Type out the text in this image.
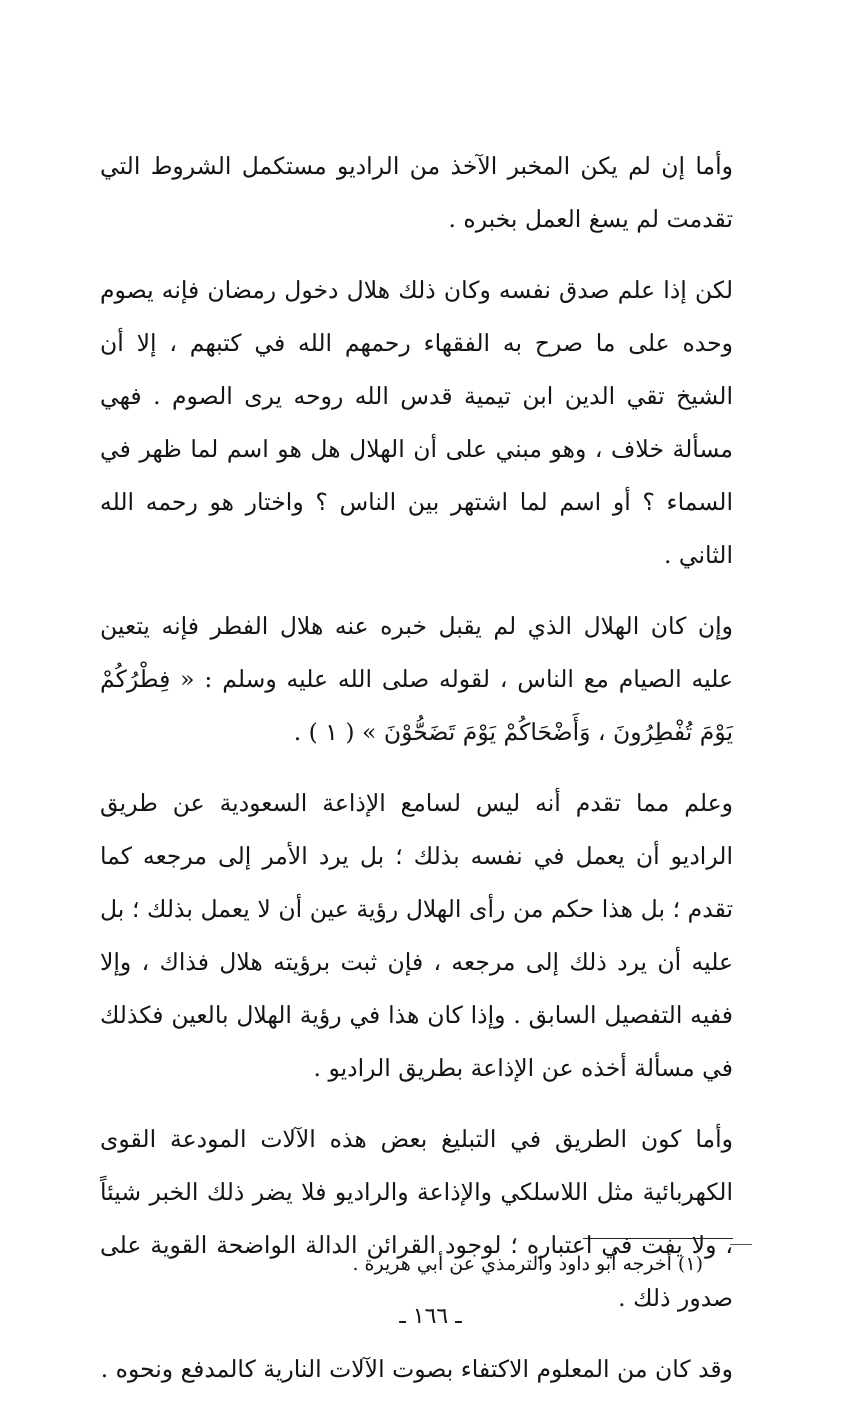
وأما إن لم يكن المخبر الآخذ من الراديو مستكمل الشروط التي تقدمت لم يسغ العمل بخبره .

لكن إذا علم صدق نفسه وكان ذلك هلال دخول رمضان فإنه يصوم وحده على ما صرح به الفقهاء رحمهم الله في كتبهم ، إلا أن الشيخ تقي الدين ابن تيمية قدس الله روحه يرى الصوم . فهي مسألة خلاف ، وهو مبني على أن الهلال هل هو اسم لما ظهر في السماء ؟ أو اسم لما اشتهر بين الناس ؟ واختار هو رحمه الله الثاني .

وإن كان الهلال الذي لم يقبل خبره عنه هلال الفطر فإنه يتعين عليه الصيام مع الناس ، لقوله صلى الله عليه وسلم : « فِطْرُكُمْ يَوْمَ تُفْطِرُونَ ، وَأَضْحَاكُمْ يَوْمَ تَضَحُّوْنَ » ( ١ ) .

وعلم مما تقدم أنه ليس لسامع الإذاعة السعودية عن طريق الراديو أن يعمل في نفسه بذلك ؛ بل يرد الأمر إلى مرجعه كما تقدم ؛ بل هذا حكم من رأى الهلال رؤية عين أن لا يعمل بذلك ؛ بل عليه أن يرد ذلك إلى مرجعه ، فإن ثبت برؤيته هلال فذاك ، وإلا ففيه التفصيل السابق . وإذا كان هذا في رؤية الهلال بالعين فكذلك في مسألة أخذه عن الإذاعة بطريق الراديو .

وأما كون الطريق في التبليغ بعض هذه الآلات المودعة القوى الكهربائية مثل اللاسلكي والإذاعة والراديو فلا يضر ذلك الخبر شيئاً ، ولا يفت في اعتباره ؛ لوجود القرائن الدالة الواضحة القوية على صدور ذلك .

وقد كان من المعلوم الاكتفاء بصوت الآلات النارية كالمدفع ونحوه .

(١) أخرجه أبو داود والترمذي عن أبي هريرة .

ـ ١٦٦ ـ
